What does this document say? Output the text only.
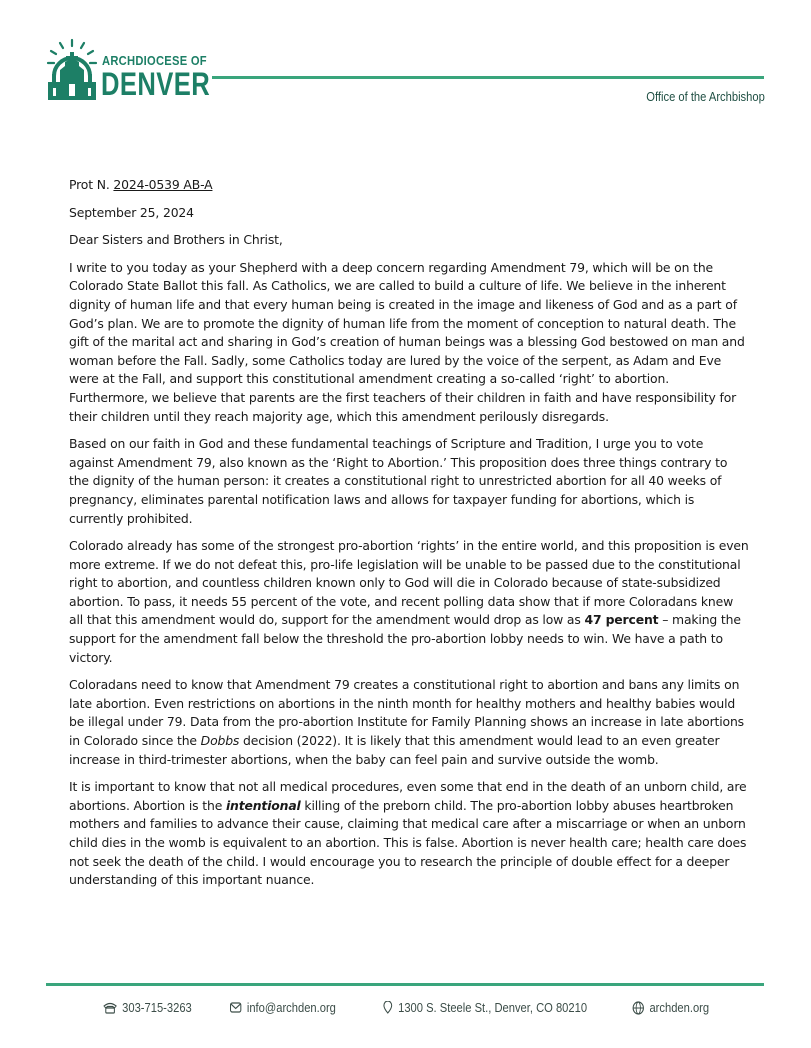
ARCHDIOCESE OF
DENVER	Office of the Archbishop

Prot N. 2024-0539 AB-A

September 25, 2024

Dear Sisters and Brothers in Christ,

I write to you today as your Shepherd with a deep concern regarding Amendment 79, which will be on the Colorado State Ballot this fall. As Catholics, we are called to build a culture of life. We believe in the inherent dignity of human life and that every human being is created in the image and likeness of God and as a part of God’s plan. We are to promote the dignity of human life from the moment of conception to natural death. The gift of the marital act and sharing in God’s creation of human beings was a blessing God bestowed on man and woman before the Fall. Sadly, some Catholics today are lured by the voice of the serpent, as Adam and Eve were at the Fall, and support this constitutional amendment creating a so-called ‘right’ to abortion. Furthermore, we believe that parents are the first teachers of their children in faith and have responsibility for their children until they reach majority age, which this amendment perilously disregards.

Based on our faith in God and these fundamental teachings of Scripture and Tradition, I urge you to vote against Amendment 79, also known as the ‘Right to Abortion.’ This proposition does three things contrary to the dignity of the human person: it creates a constitutional right to unrestricted abortion for all 40 weeks of pregnancy, eliminates parental notification laws and allows for taxpayer funding for abortions, which is currently prohibited.

Colorado already has some of the strongest pro-abortion ‘rights’ in the entire world, and this proposition is even more extreme. If we do not defeat this, pro-life legislation will be unable to be passed due to the constitutional right to abortion, and countless children known only to God will die in Colorado because of state-subsidized abortion. To pass, it needs 55 percent of the vote, and recent polling data show that if more Coloradans knew all that this amendment would do, support for the amendment would drop as low as 47 percent – making the support for the amendment fall below the threshold the pro-abortion lobby needs to win. We have a path to victory.

Coloradans need to know that Amendment 79 creates a constitutional right to abortion and bans any limits on late abortion. Even restrictions on abortions in the ninth month for healthy mothers and healthy babies would be illegal under 79. Data from the pro-abortion Institute for Family Planning shows an increase in late abortions in Colorado since the Dobbs decision (2022). It is likely that this amendment would lead to an even greater increase in third-trimester abortions, when the baby can feel pain and survive outside the womb.

It is important to know that not all medical procedures, even some that end in the death of an unborn child, are abortions. Abortion is the intentional killing of the preborn child. The pro-abortion lobby abuses heartbroken mothers and families to advance their cause, claiming that medical care after a miscarriage or when an unborn child dies in the womb is equivalent to an abortion. This is false. Abortion is never health care; health care does not seek the death of the child. I would encourage you to research the principle of double effect for a deeper understanding of this important nuance.

303-715-3263	info@archden.org	1300 S. Steele St., Denver, CO 80210	archden.org
